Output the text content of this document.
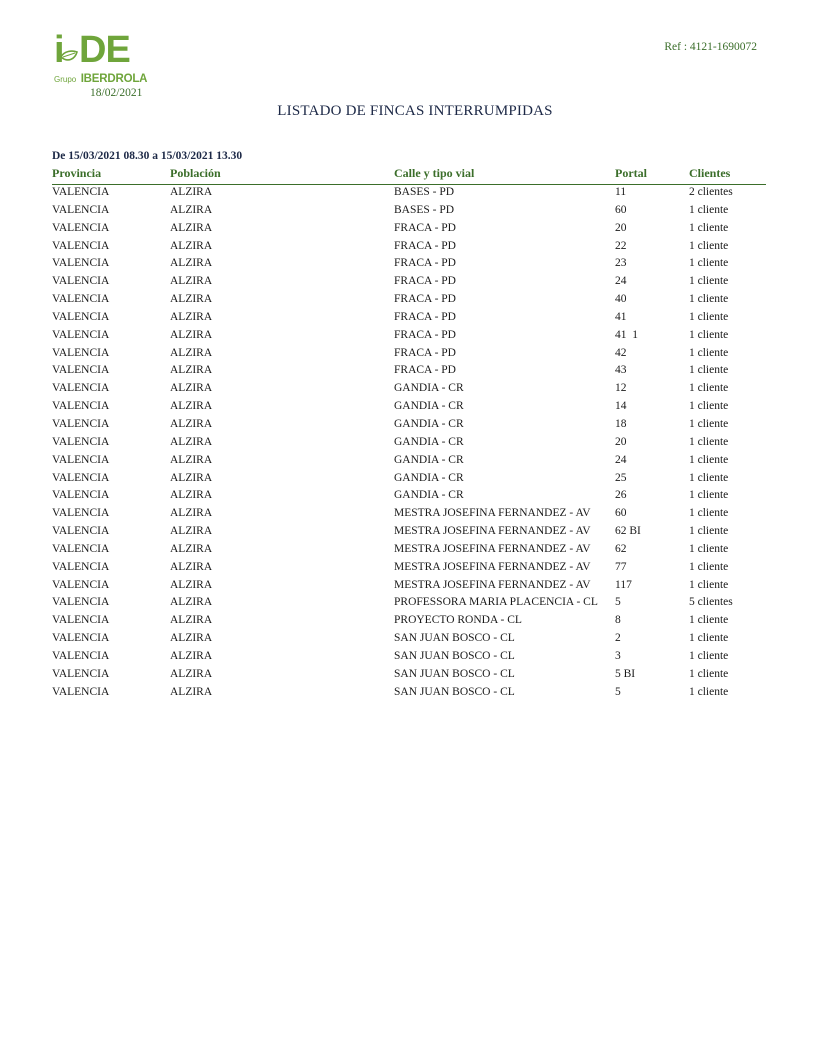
i DE
Grupo IBERDROLA
18/02/2021
Ref : 4121-1690072
LISTADO DE FINCAS INTERRUMPIDAS
De 15/03/2021 08.30 a 15/03/2021 13.30
Provincia	Población	Calle y tipo vial	Portal	Clientes
VALENCIA	ALZIRA	BASES - PD	11	2 clientes
VALENCIA	ALZIRA	BASES - PD	60	1 cliente
VALENCIA	ALZIRA	FRACA - PD	20	1 cliente
VALENCIA	ALZIRA	FRACA - PD	22	1 cliente
VALENCIA	ALZIRA	FRACA - PD	23	1 cliente
VALENCIA	ALZIRA	FRACA - PD	24	1 cliente
VALENCIA	ALZIRA	FRACA - PD	40	1 cliente
VALENCIA	ALZIRA	FRACA - PD	41	1 cliente
VALENCIA	ALZIRA	FRACA - PD	41  1	1 cliente
VALENCIA	ALZIRA	FRACA - PD	42	1 cliente
VALENCIA	ALZIRA	FRACA - PD	43	1 cliente
VALENCIA	ALZIRA	GANDIA - CR	12	1 cliente
VALENCIA	ALZIRA	GANDIA - CR	14	1 cliente
VALENCIA	ALZIRA	GANDIA - CR	18	1 cliente
VALENCIA	ALZIRA	GANDIA - CR	20	1 cliente
VALENCIA	ALZIRA	GANDIA - CR	24	1 cliente
VALENCIA	ALZIRA	GANDIA - CR	25	1 cliente
VALENCIA	ALZIRA	GANDIA - CR	26	1 cliente
VALENCIA	ALZIRA	MESTRA JOSEFINA FERNANDEZ - AV 60	1 cliente
VALENCIA	ALZIRA	MESTRA JOSEFINA FERNANDEZ - AV 62 BI	1 cliente
VALENCIA	ALZIRA	MESTRA JOSEFINA FERNANDEZ - AV 62	1 cliente
VALENCIA	ALZIRA	MESTRA JOSEFINA FERNANDEZ - AV 77	1 cliente
VALENCIA	ALZIRA	MESTRA JOSEFINA FERNANDEZ - AV 117	1 cliente
VALENCIA	ALZIRA	PROFESSORA MARIA PLACENCIA - CL 5	5 clientes
VALENCIA	ALZIRA	PROYECTO RONDA - CL	8	1 cliente
VALENCIA	ALZIRA	SAN JUAN BOSCO - CL	2	1 cliente
VALENCIA	ALZIRA	SAN JUAN BOSCO - CL	3	1 cliente
VALENCIA	ALZIRA	SAN JUAN BOSCO - CL	5 BI	1 cliente
VALENCIA	ALZIRA	SAN JUAN BOSCO - CL	5	1 cliente
